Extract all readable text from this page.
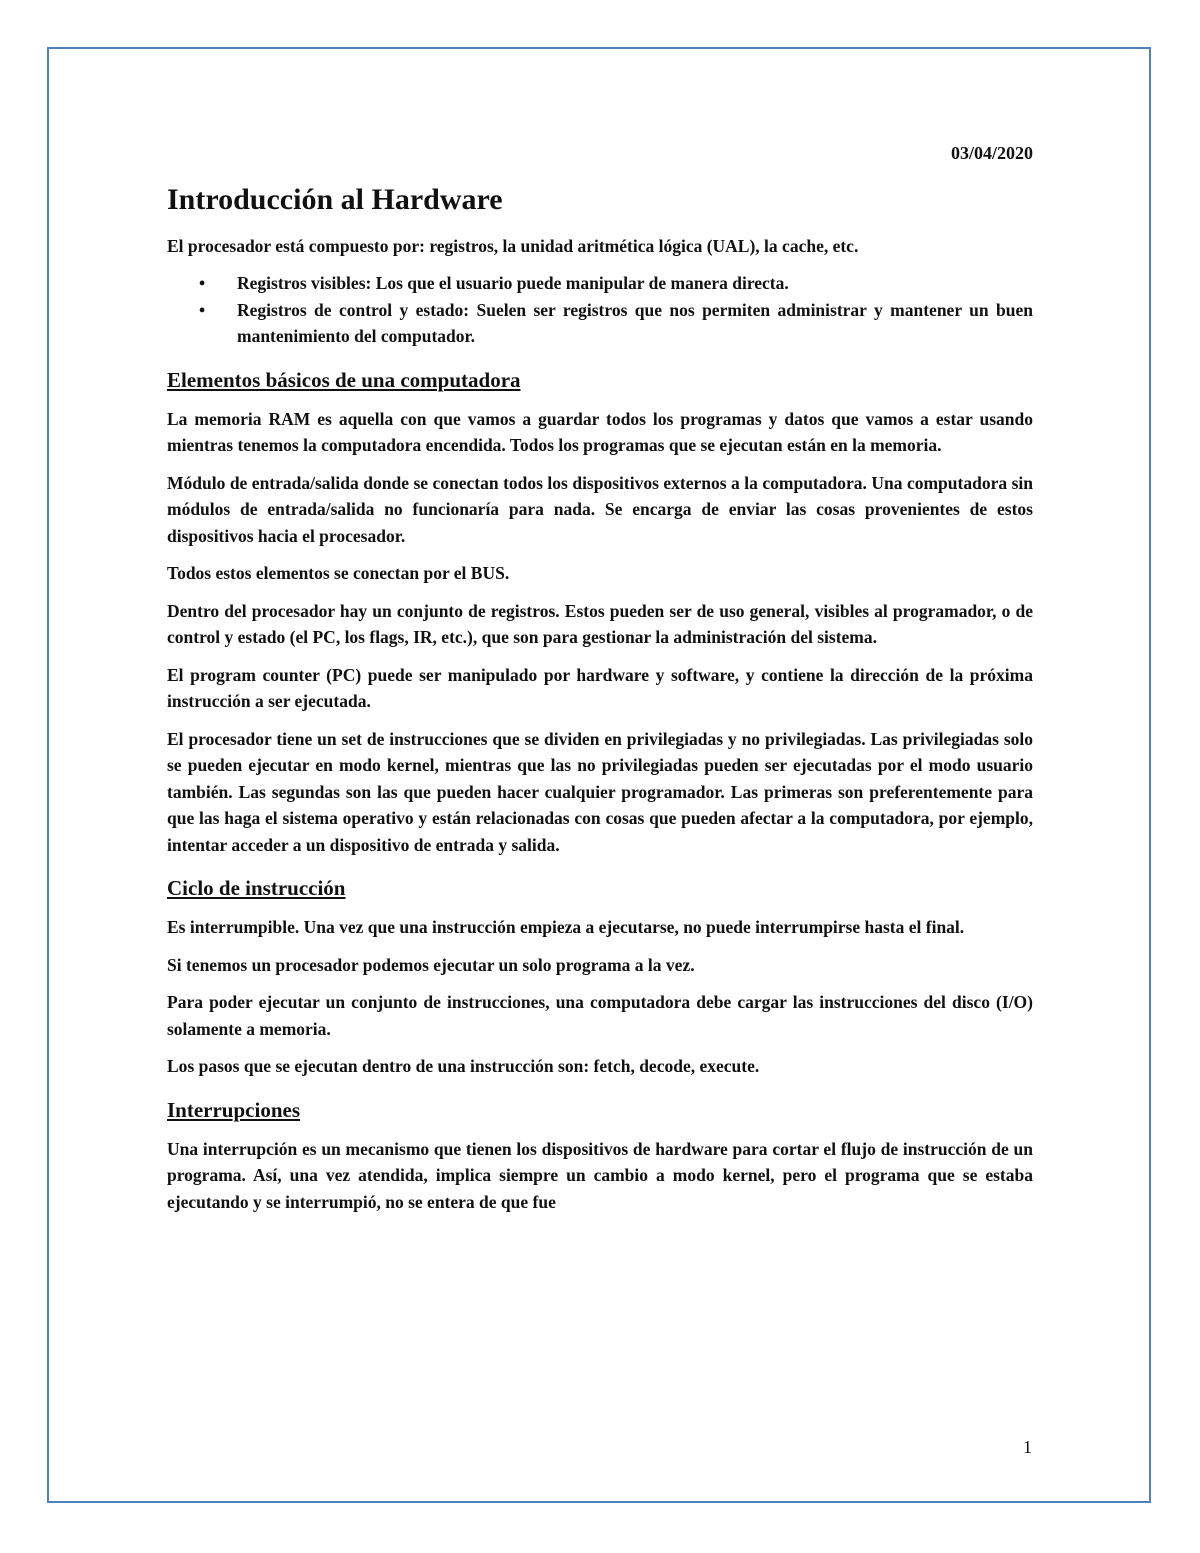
03/04/2020
Introducción al Hardware

El procesador está compuesto por: registros, la unidad aritmética lógica (UAL), la cache, etc.

• Registros visibles: Los que el usuario puede manipular de manera directa.
• Registros de control y estado: Suelen ser registros que nos permiten administrar y mantener un buen mantenimiento del computador.
Elementos básicos de una computadora

La memoria RAM es aquella con que vamos a guardar todos los programas y datos que vamos a estar usando mientras tenemos la computadora encendida. Todos los programas que se ejecutan están en la memoria.

Módulo de entrada/salida donde se conectan todos los dispositivos externos a la computadora. Una computadora sin módulos de entrada/salida no funcionaría para nada. Se encarga de enviar las cosas provenientes de estos dispositivos hacia el procesador.

Todos estos elementos se conectan por el BUS.

Dentro del procesador hay un conjunto de registros. Estos pueden ser de uso general, visibles al programador, o de control y estado (el PC, los flags, IR, etc.), que son para gestionar la administración del sistema.

El program counter (PC) puede ser manipulado por hardware y software, y contiene la dirección de la próxima instrucción a ser ejecutada.

El procesador tiene un set de instrucciones que se dividen en privilegiadas y no privilegiadas. Las privilegiadas solo se pueden ejecutar en modo kernel, mientras que las no privilegiadas pueden ser ejecutadas por el modo usuario también. Las segundas son las que pueden hacer cualquier programador. Las primeras son preferentemente para que las haga el sistema operativo y están relacionadas con cosas que pueden afectar a la computadora, por ejemplo, intentar acceder a un dispositivo de entrada y salida.

Ciclo de instrucción

Es interrumpible. Una vez que una instrucción empieza a ejecutarse, no puede interrumpirse hasta el final.

Si tenemos un procesador podemos ejecutar un solo programa a la vez.

Para poder ejecutar un conjunto de instrucciones, una computadora debe cargar las instrucciones del disco (I/O) solamente a memoria.

Los pasos que se ejecutan dentro de una instrucción son: fetch, decode, execute.

Interrupciones

Una interrupción es un mecanismo que tienen los dispositivos de hardware para cortar el flujo de instrucción de un programa. Así, una vez atendida, implica siempre un cambio a modo kernel, pero el programa que se estaba ejecutando y se interrumpió, no se entera de que fue

1
